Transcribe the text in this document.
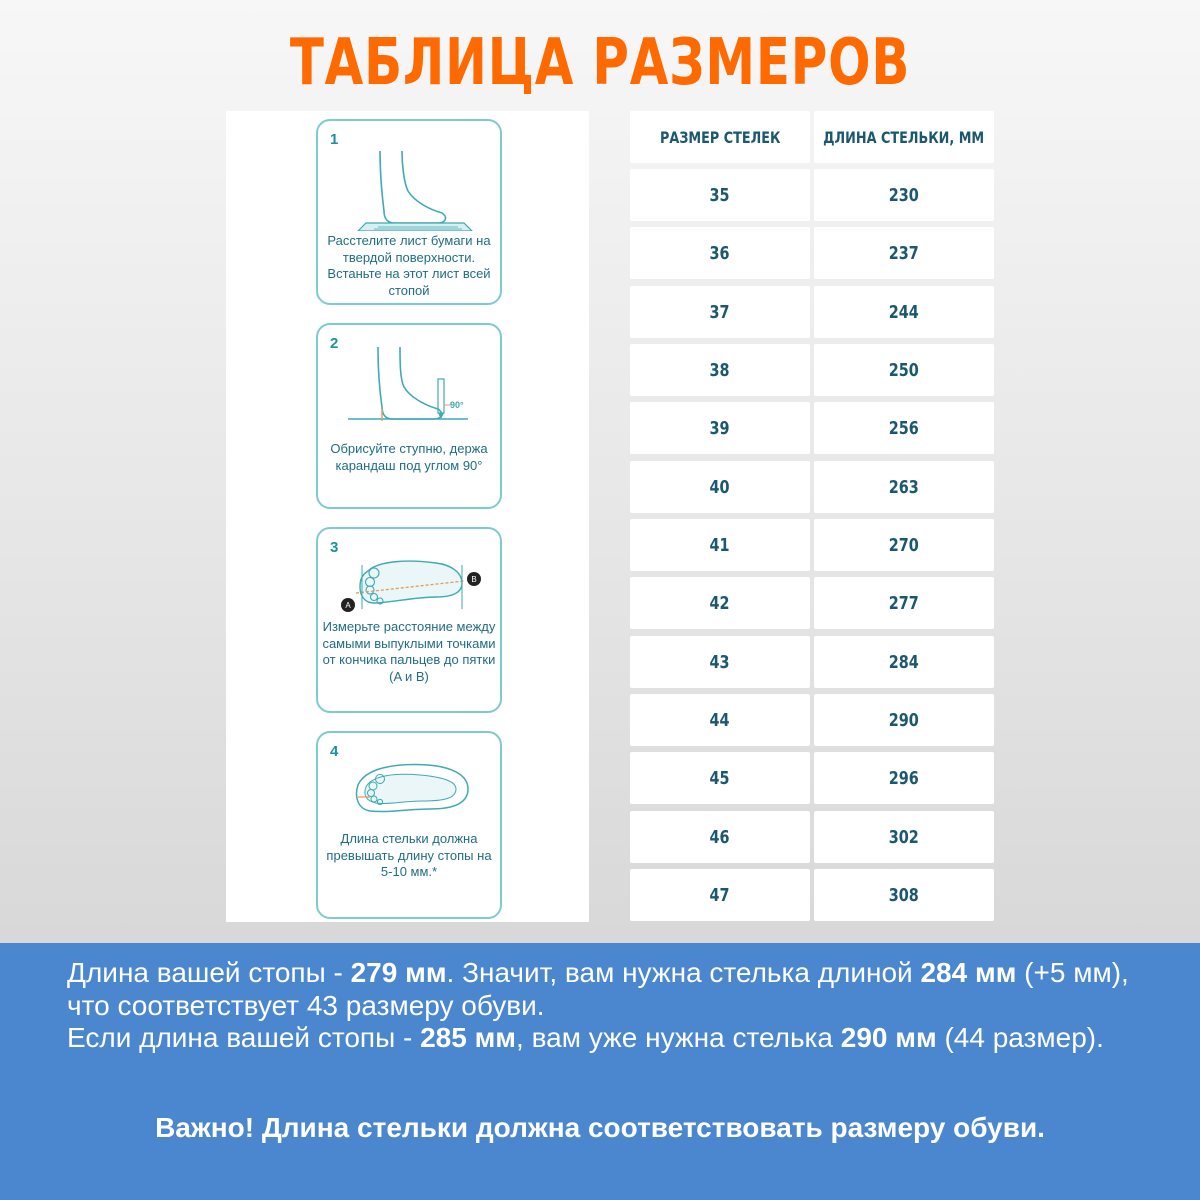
ТАБЛИЦА РАЗМЕРОВ
1
Расстелите лист бумаги на твердой поверхности. Встаньте на этот лист всей стопой
2
90°
Обрисуйте ступню, держа карандаш под углом 90°
3
A
B
Измерьте расстояние между самыми выпуклыми точками от кончика пальцев до пятки (A и B)
4
Длина стельки должна превышать длину стопы на 5-10 мм.*
РАЗМЕР СТЕЛЕК	ДЛИНА СТЕЛЬКИ, ММ
35	230
36	237
37	244
38	250
39	256
40	263
41	270
42	277
43	284
44	290
45	296
46	302
47	308
Длина вашей стопы - 279 мм. Значит, вам нужна стелька длиной 284 мм (+5 мм), что соответствует 43 размеру обуви.
Если длина вашей стопы - 285 мм, вам уже нужна стелька 290 мм (44 размер).
Важно! Длина стельки должна соответствовать размеру обуви.
